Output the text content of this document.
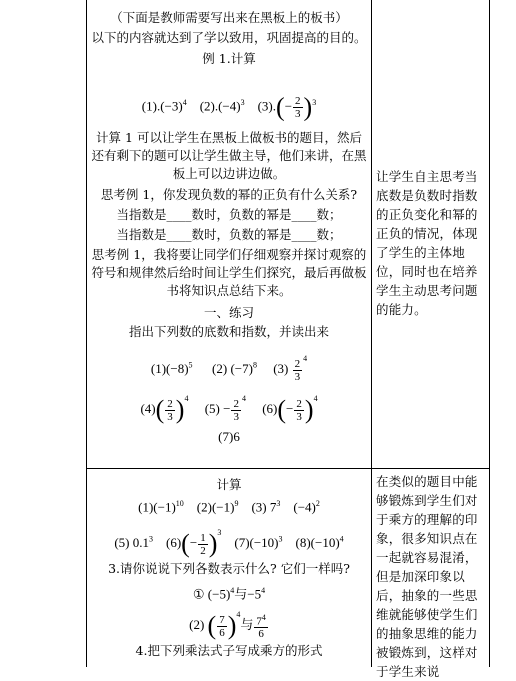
（下面是教师需要写出来在黑板上的板书）
以下的内容就达到了学以致用，巩固提高的目的。
例 1.计算
$(1).(-3)^4$ $(2).(-4)^3$ $(3).(- \frac{2}{3} )^3$
计算 1 可以让学生在黑板上做板书的题目，然后还有剩下的题可以让学生做主导，他们来讲，在黑板上可以边讲边做。
思考例 1，你发现负数的幂的正负有什么关系?
当指数是____数时，负数的幂是____数；
当指数是____数时，负数的幂是____数；
思考例 1，我将要让同学们仔细观察并探讨观察的符号和规律然后给时间让学生们探究，最后再做板书将知识点总结下来。
一、练习
指出下列数的底数和指数，并读出来
$(1)(-8)^5$ (2) $(-7)^8$ $(3) \frac{2}{3} ^4$
$(4)( \frac{2}{3} )^4$     $(5) - \frac{2}{3} ^4$     $(6)(- \frac{2}{3} )^4$
(7)6
让学生自主思考当底数是负数时指数的正负变化和幂的正负的情况，体现了学生的主体地位，同时也在培养学生主动思考问题的能力。
计算
$(1)(-1)^{10}$ $(2)(-1)^9$ (3) $7^3$ $(-4)^2$
(5) $0.1^3$ $(6)(- \frac{1}{2} )^3$    $(7)(-10)^3$ $(8)(-10)^4$
3.请你说说下列各数表示什么? 它们一样吗?
① $(-5)^4$与$-5^4$
(2) ( $\frac{7}{6} )^4$与 $\frac{7^4}{6}$
4.把下列乘法式子写成乘方的形式
在类似的题目中能够锻炼到学生们对于乘方的理解的印象，很多知识点在一起就容易混淆，但是加深印象以后，抽象的一些思维就能够使学生们的抽象思维的能力被锻炼到，这样对于学生来说
